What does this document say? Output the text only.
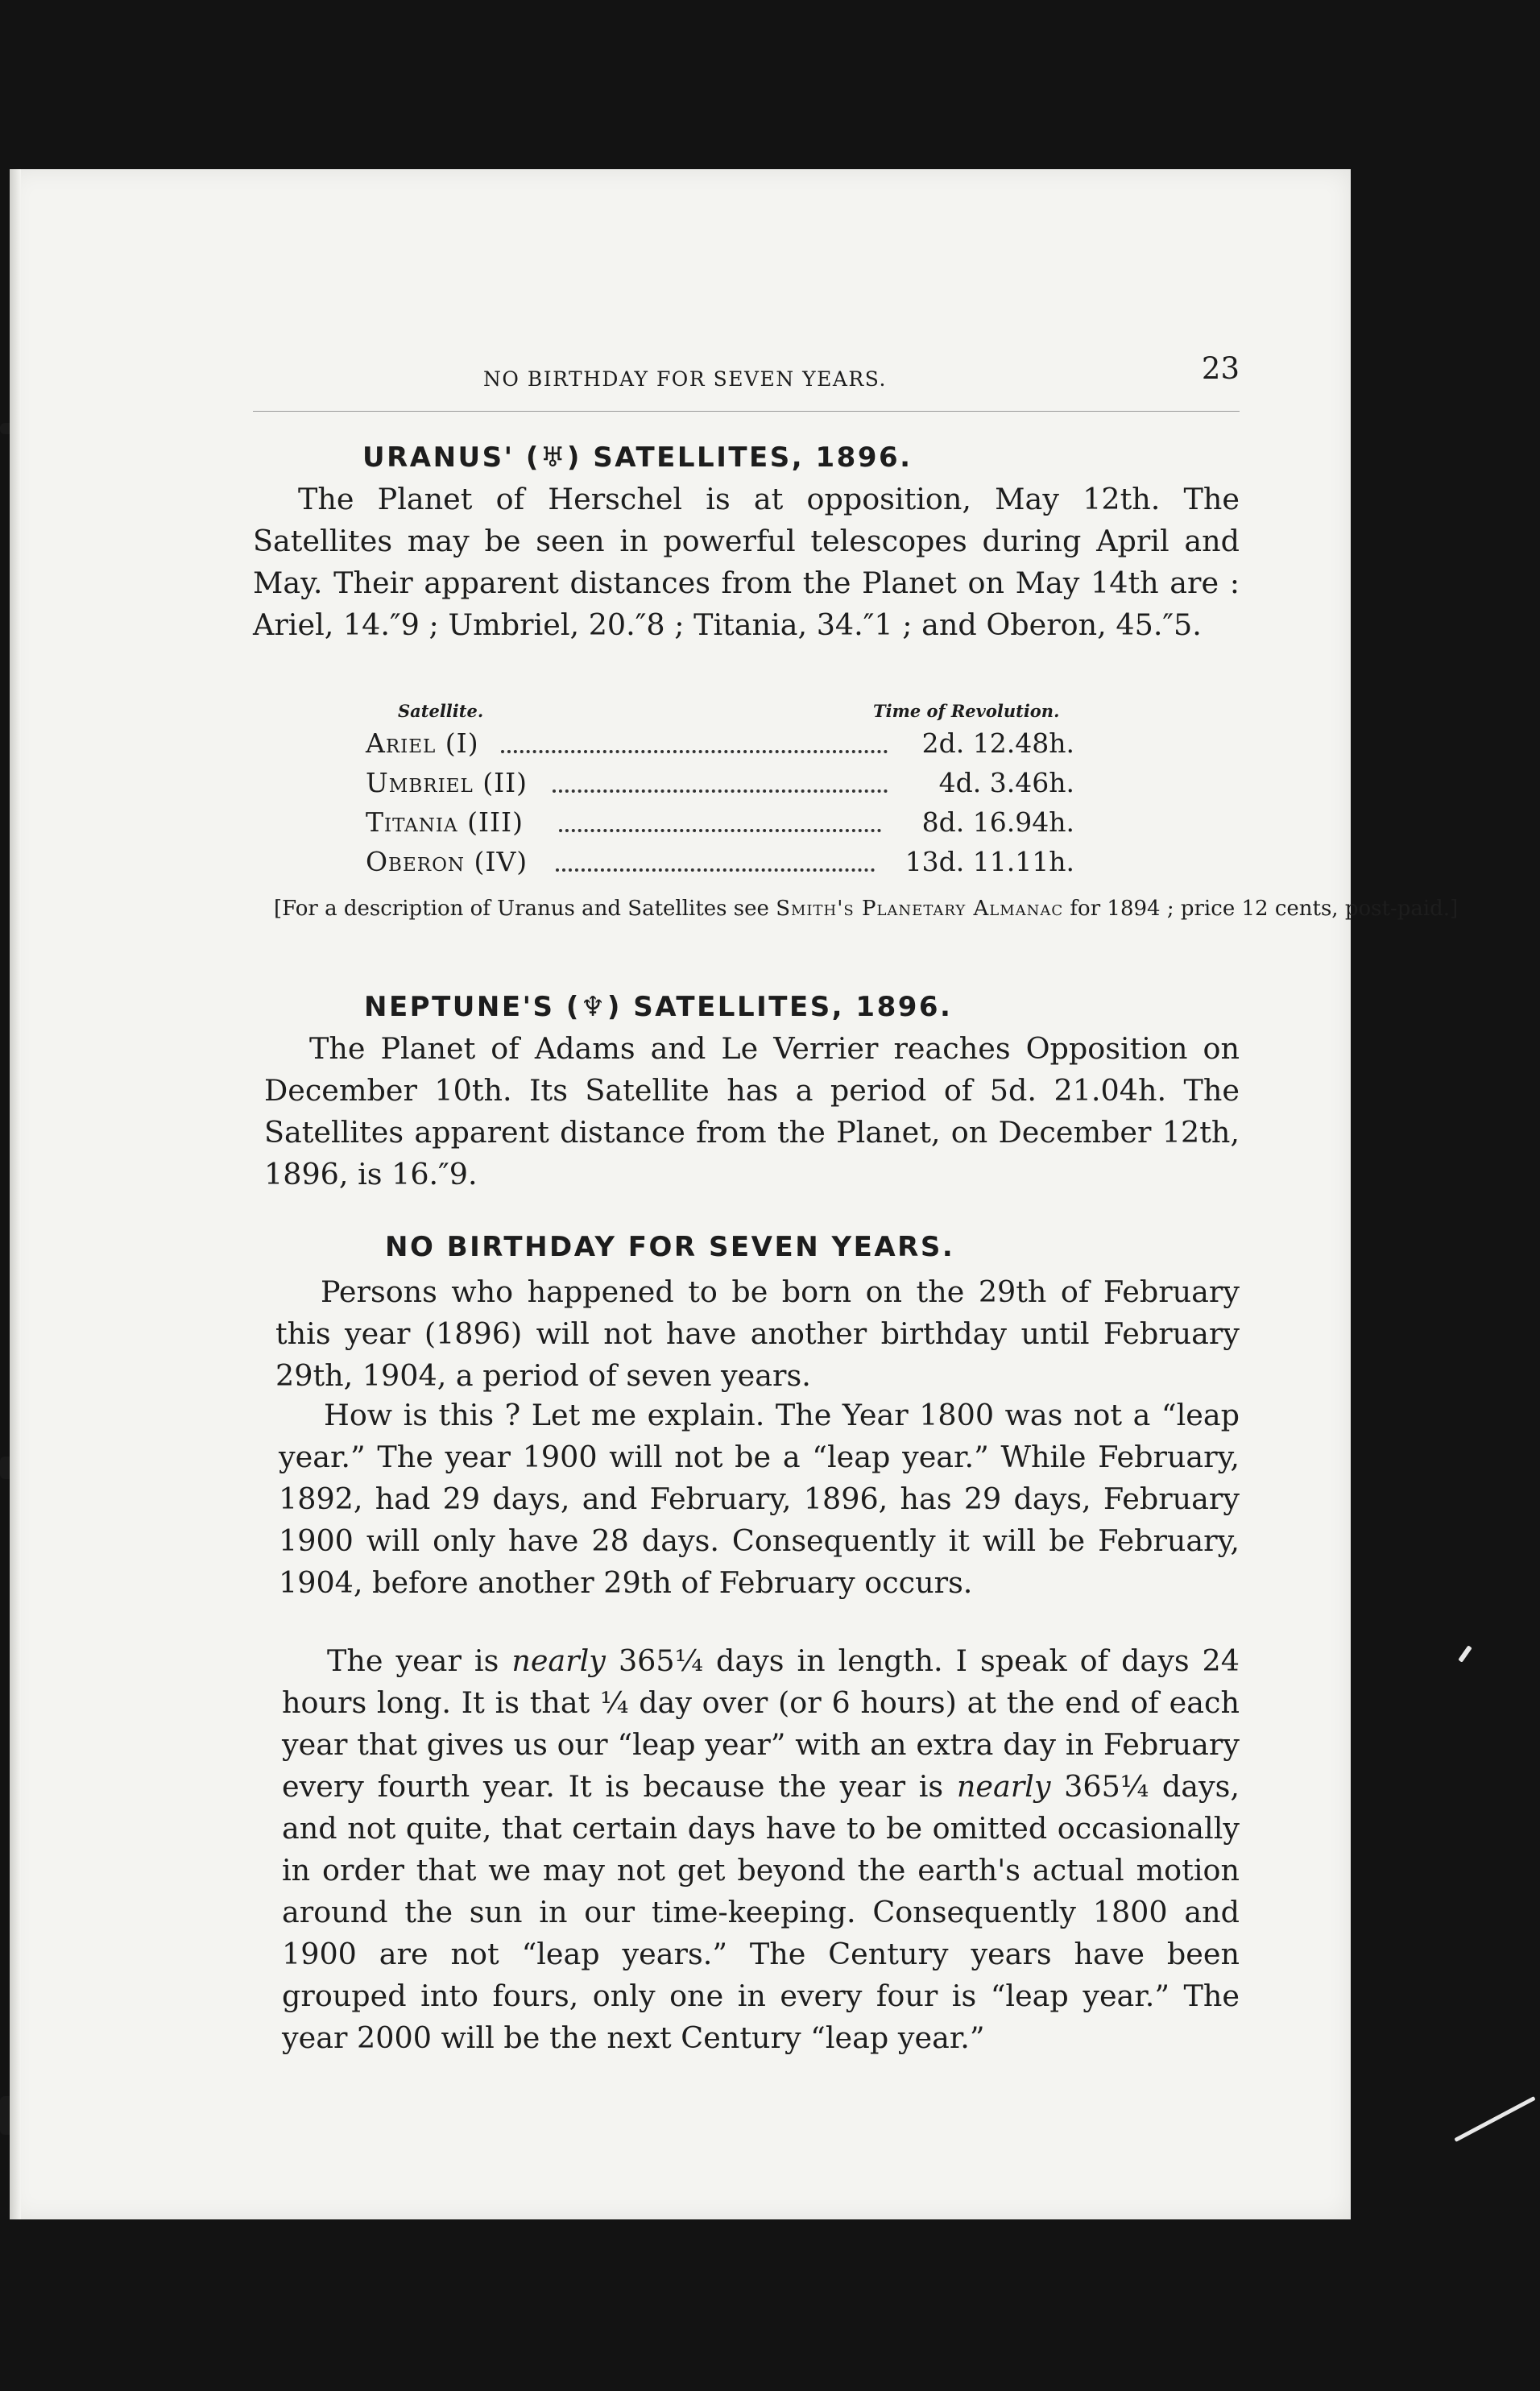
NO BIRTHDAY FOR SEVEN YEARS.	23
URANUS' (♅) SATELLITES, 1896.
The Planet of Herschel is at opposition, May 12th. The Satellites may be seen in powerful telescopes during April and May. Their apparent distances from the Planet on May 14th are : Ariel, 14.″9 ; Umbriel, 20.″8 ; Titania, 34.″1 ; and Oberon, 45.″5.
Satellite.	Time of Revolution.
Ariel (I)	2d. 12.48h.
Umbriel (II)	4d. 3.46h.
Titania (III)	8d. 16.94h.
Oberon (IV)	13d. 11.11h.
[For a description of Uranus and Satellites see Smith's Planetary Almanac for 1894 ; price 12 cents, post-paid.]
NEPTUNE'S (♆) SATELLITES, 1896.
The Planet of Adams and Le Verrier reaches Opposition on December 10th. Its Satellite has a period of 5d. 21.04h. The Satellites apparent distance from the Planet, on December 12th, 1896, is 16.″9.
NO BIRTHDAY FOR SEVEN YEARS.
Persons who happened to be born on the 29th of February this year (1896) will not have another birthday until February 29th, 1904, a period of seven years.
How is this ? Let me explain. The Year 1800 was not a “leap year.” The year 1900 will not be a “leap year.” While February, 1892, had 29 days, and February, 1896, has 29 days, February 1900 will only have 28 days. Consequently it will be February, 1904, before another 29th of February occurs.
The year is nearly 365¼ days in length. I speak of days 24 hours long. It is that ¼ day over (or 6 hours) at the end of each year that gives us our “leap year” with an extra day in February every fourth year. It is because the year is nearly 365¼ days, and not quite, that certain days have to be omitted occasionally in order that we may not get beyond the earth's actual motion around the sun in our time-keeping. Consequently 1800 and 1900 are not “leap years.” The Century years have been grouped into fours, only one in every four is “leap year.” The year 2000 will be the next Century “leap year.”
